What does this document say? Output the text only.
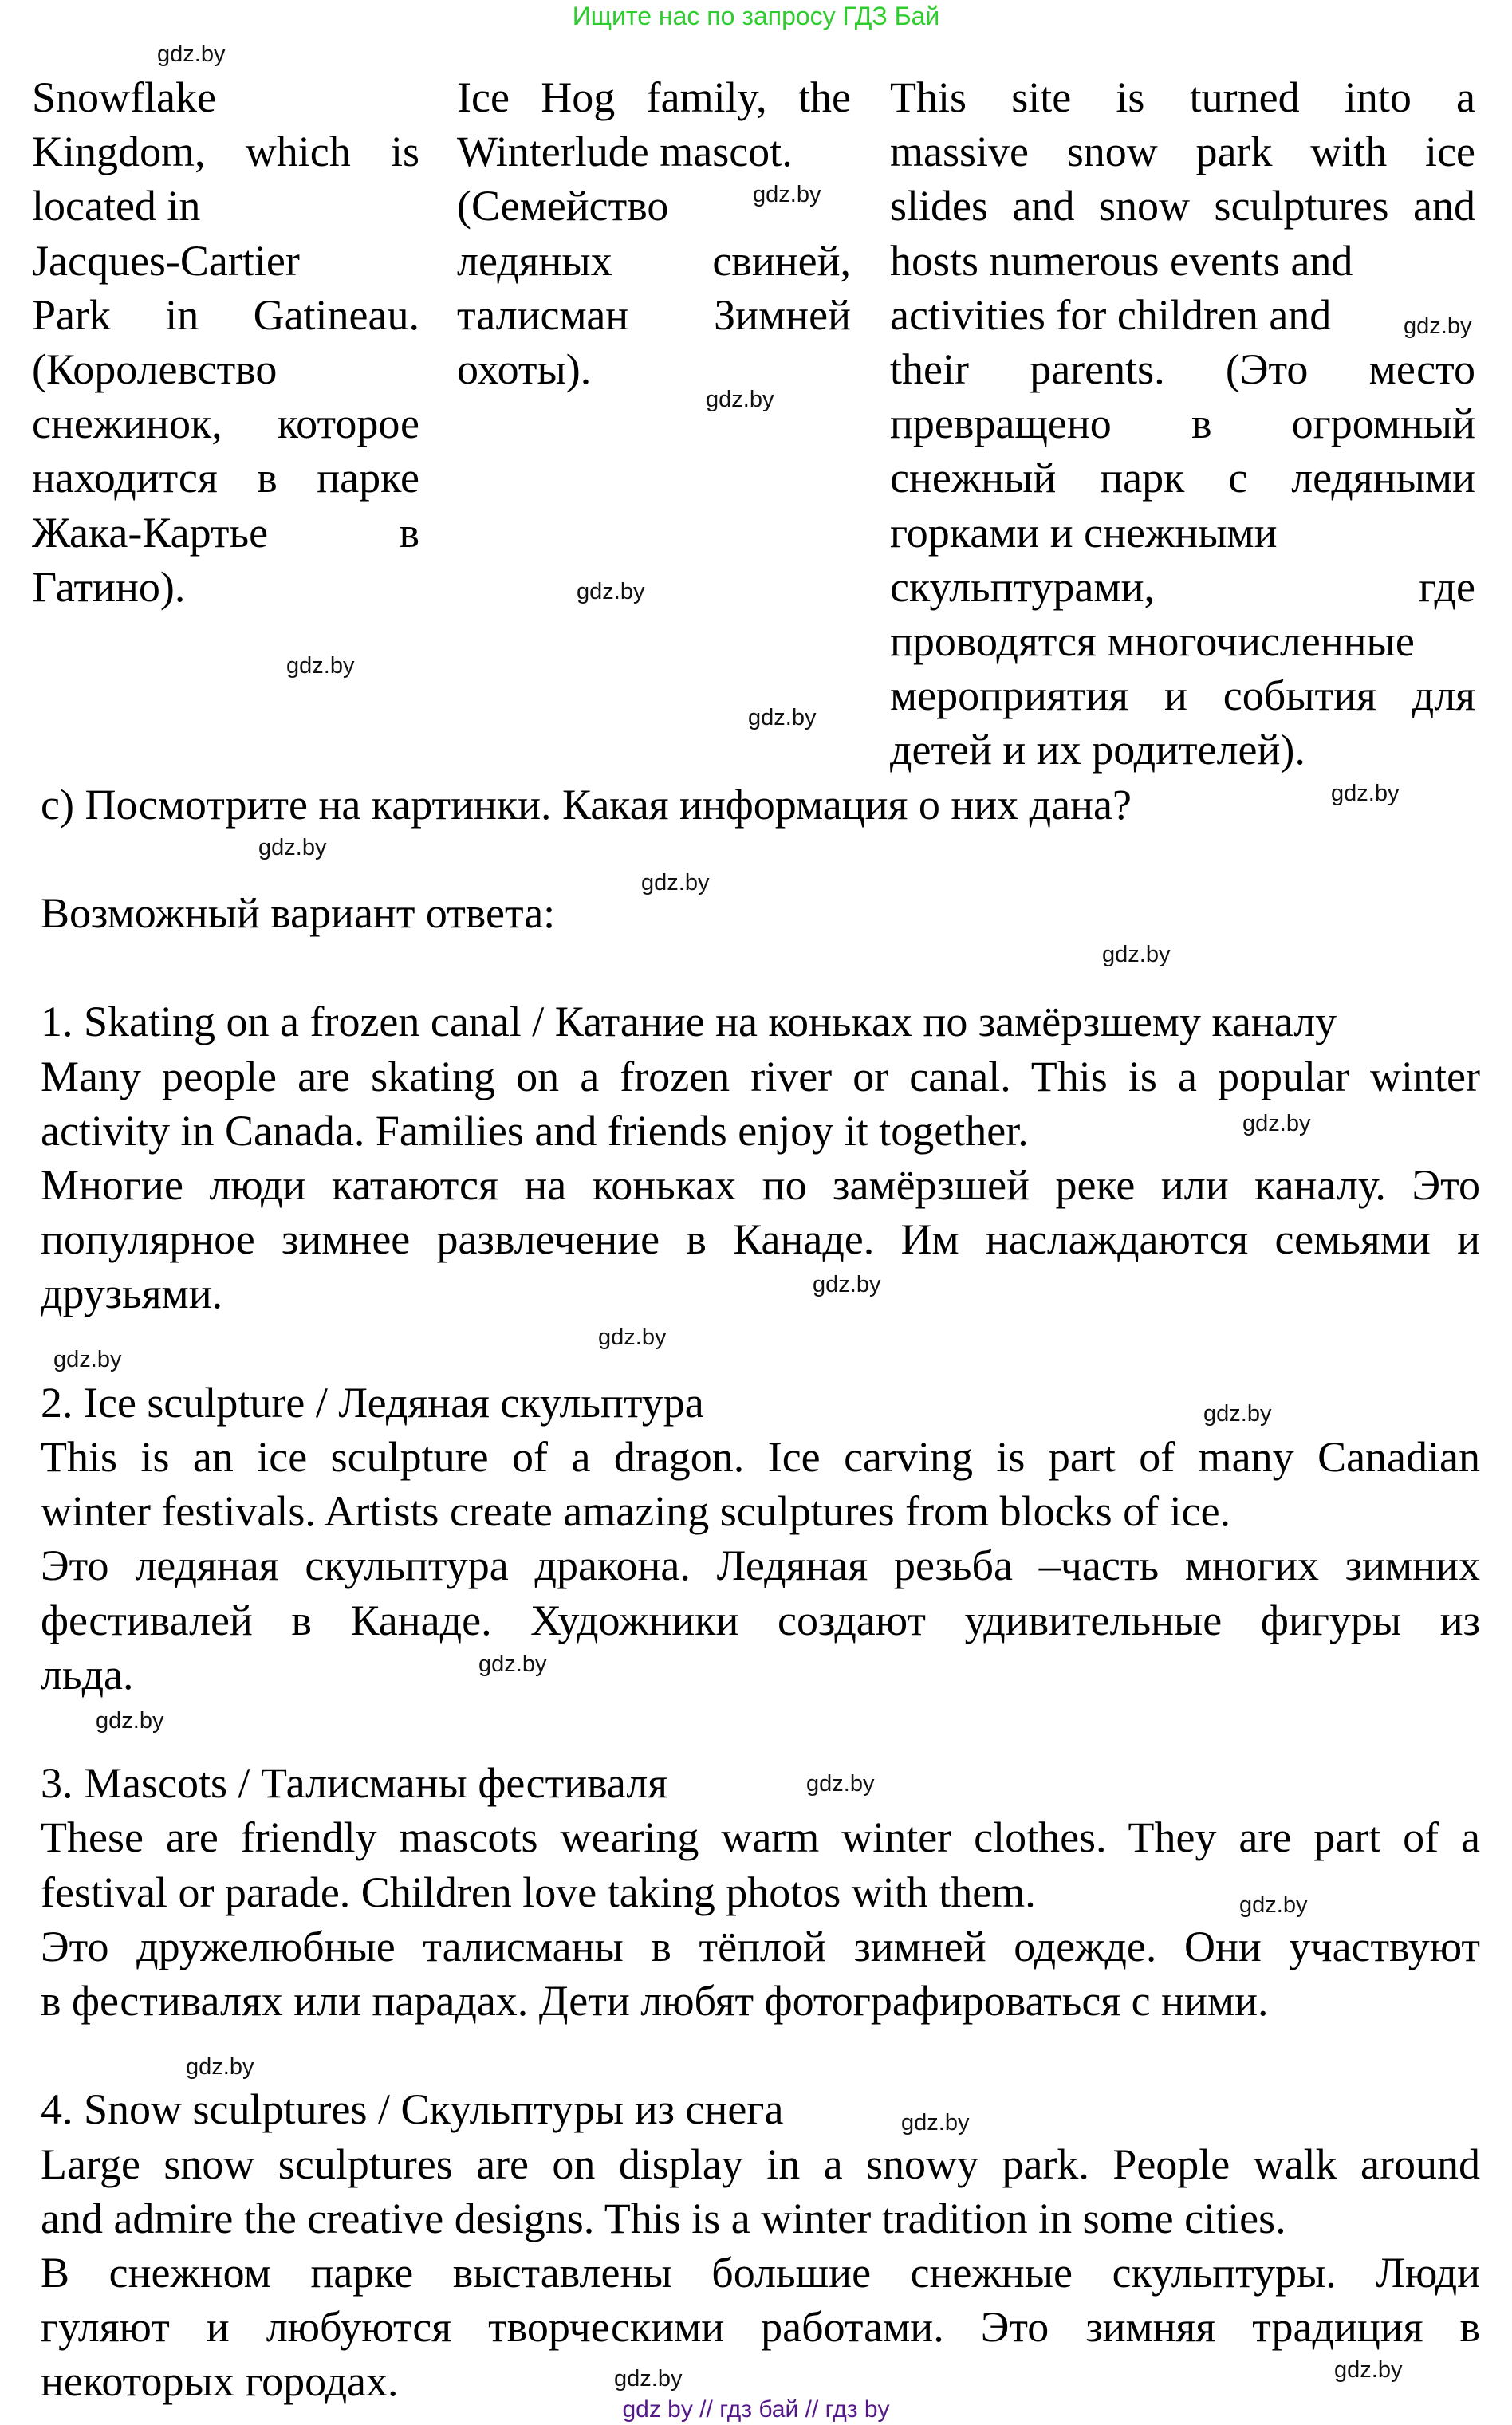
Ищите нас по запросу ГДЗ Бай
Snowflake
Kingdom, which is
located in
Jacques-Cartier
Park in Gatineau.
(Королевство
снежинок, которое
находится в парке
Жака-Картье в
Гатино).
Ice Hog family, the
Winterlude mascot.
(Семейство
ледяных свиней,
талисман Зимней
охоты).
This site is turned into a
massive snow park with ice
slides and snow sculptures and
hosts numerous events and
activities for children and
their parents. (Это место
превращено в огромный
снежный парк с ледяными
горками и снежными
скульптурами, где
проводятся многочисленные
мероприятия и события для
детей и их родителей).
c) Посмотрите на картинки. Какая информация о них дана?
Возможный вариант ответа:
1. Skating on a frozen canal / Катание на коньках по замёрзшему каналу
Many people are skating on a frozen river or canal. This is a popular winter
activity in Canada. Families and friends enjoy it together.
Многие люди катаются на коньках по замёрзшей реке или каналу. Это
популярное зимнее развлечение в Канаде. Им наслаждаются семьями и
друзьями.
2. Ice sculpture / Ледяная скульптура
This is an ice sculpture of a dragon. Ice carving is part of many Canadian
winter festivals. Artists create amazing sculptures from blocks of ice.
Это ледяная скульптура дракона. Ледяная резьба –часть многих зимних
фестивалей в Канаде. Художники создают удивительные фигуры из
льда.
3. Mascots / Талисманы фестиваля
These are friendly mascots wearing warm winter clothes. They are part of a
festival or parade. Children love taking photos with them.
Это дружелюбные талисманы в тёплой зимней одежде. Они участвуют
в фестивалях или парадах. Дети любят фотографироваться с ними.
4. Snow sculptures / Скульптуры из снега
Large snow sculptures are on display in a snowy park. People walk around
and admire the creative designs. This is a winter tradition in some cities.
В снежном парке выставлены большие снежные скульптуры. Люди
гуляют и любуются творческими работами. Это зимняя традиция в
некоторых городах.
gdz.by
gdz.by
gdz.by
gdz.by
gdz.by
gdz.by
gdz.by
gdz.by
gdz.by
gdz.by
gdz.by
gdz.by
gdz.by
gdz.by
gdz.by
gdz.by
gdz.by
gdz.by
gdz.by
gdz.by
gdz.by
gdz.by
gdz.by
gdz.by
gdz by // гдз бай // гдз by
